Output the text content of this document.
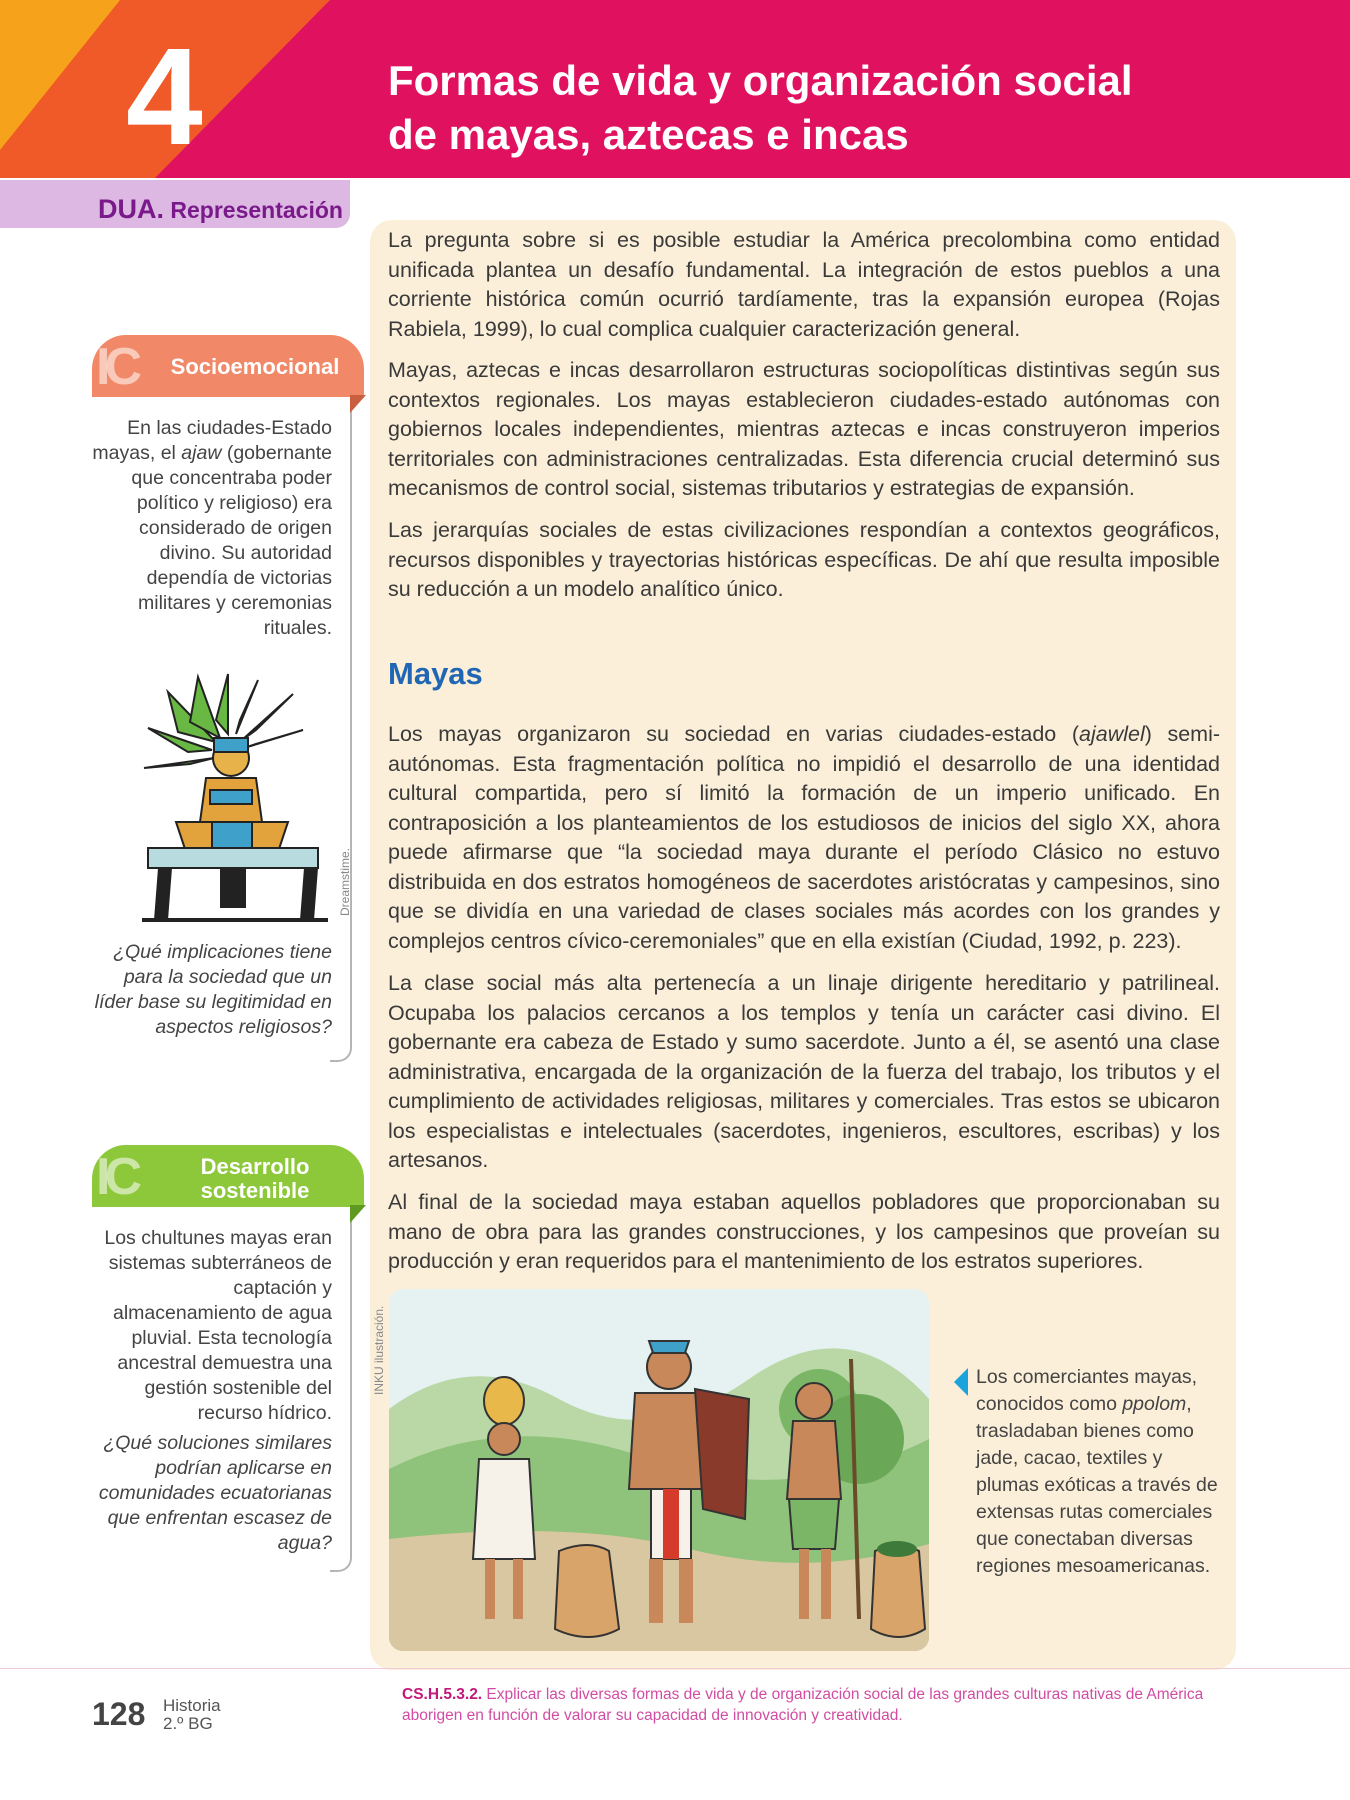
4	Formas de vida y organización social
de mayas, aztecas e incas
DUA. Representación

La pregunta sobre si es posible estudiar la América precolombina como entidad unificada plantea un desafío fundamental. La integración de estos pueblos a una corriente histórica común ocurrió tardíamente, tras la expansión europea (Rojas Rabiela, 1999), lo cual complica cualquier caracterización general.

Mayas, aztecas e incas desarrollaron estructuras sociopolíticas distintivas según sus contextos regionales. Los mayas establecieron ciudades-estado autónomas con gobiernos locales independientes, mientras aztecas e incas construyeron imperios territoriales con administraciones centralizadas. Esta diferencia crucial determinó sus mecanismos de control social, sistemas tributarios y estrategias de expansión.

Las jerarquías sociales de estas civilizaciones respondían a contextos geográficos, recursos disponibles y trayectorias históricas específicas. De ahí que resulta imposible su reducción a un modelo analítico único.

Mayas

Los mayas organizaron su sociedad en varias ciudades-estado (ajawlel) semi-autónomas. Esta fragmentación política no impidió el desarrollo de una identidad cultural compartida, pero sí limitó la formación de un imperio unificado. En contraposición a los planteamientos de los estudiosos de inicios del siglo XX, ahora puede afirmarse que “la sociedad maya durante el período Clásico no estuvo distribuida en dos estratos homogéneos de sacerdotes aristócratas y campesinos, sino que se dividía en una variedad de clases sociales más acordes con los grandes y complejos centros cívico-ceremoniales” que en ella existían (Ciudad, 1992, p. 223).

La clase social más alta pertenecía a un linaje dirigente hereditario y patrilineal. Ocupaba los palacios cercanos a los templos y tenía un carácter casi divino. El gobernante era cabeza de Estado y sumo sacerdote. Junto a él, se asentó una clase administrativa, encargada de la organización de la fuerza del trabajo, los tributos y el cumplimiento de actividades religiosas, militares y comerciales. Tras estos se ubicaron los especialistas e intelectuales (sacerdotes, ingenieros, escultores, escribas) y los artesanos.

Al final de la sociedad maya estaban aquellos pobladores que proporcionaban su mano de obra para las grandes construcciones, y los campesinos que proveían su producción y eran requeridos para el mantenimiento de los estratos superiores.

IC	Socioemocional

En las ciudades-Estado mayas, el ajaw (gobernante que concentraba poder político y religioso) era considerado de origen divino. Su autoridad dependía de victorias militares y ceremonias rituales.

Dreamstime.

¿Qué implicaciones tiene para la sociedad que un líder base su legitimidad en aspectos religiosos?

IC	Desarrollo
sostenible

Los chultunes mayas eran sistemas subterráneos de captación y almacenamiento de agua pluvial. Esta tecnología ancestral demuestra una gestión sostenible del recurso hídrico.

¿Qué soluciones similares podrían aplicarse en comunidades ecuatorianas que enfrentan escasez de agua?

INKU ilustración.	Los comerciantes mayas, conocidos como ppolom, trasladaban bienes como jade, cacao, textiles y plumas exóticas a través de extensas rutas comerciales que conectaban diversas regiones mesoamericanas.

128 Historia
2.º BG

CS.H.5.3.2. Explicar las diversas formas de vida y de organización social de las grandes culturas nativas de América aborigen en función de valorar su capacidad de innovación y creatividad.
